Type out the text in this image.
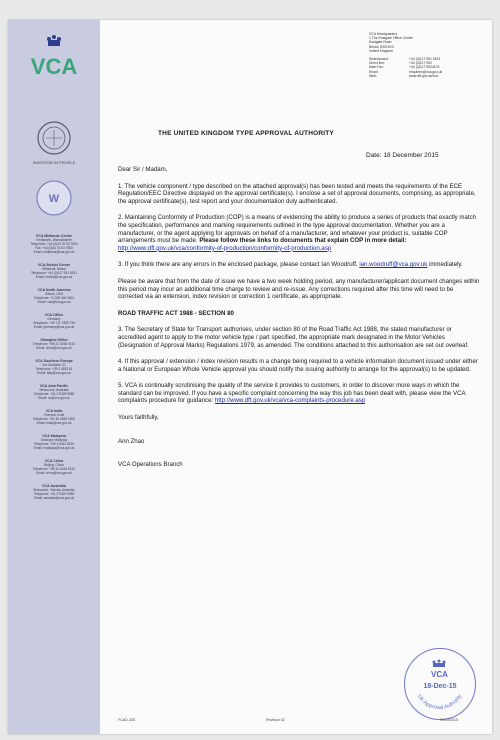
VCA
INVESTOR IN PEOPLE
W
VCA Midlands Centre
Kenilworth, Warwickshire
Telephone: +44 (0)24 76 53 7553
Fax: +44 (0)24 76 53 7553
Email: midlands@vca.gov.uk
VCA Bristol Centre
Whitehall, Bristol
Telephone: +44 (0)117 951 5151
Email: bristol@vca.gov.uk
VCA North America
Detroit, USA
Telephone: +1 248 446 4841
Email: usa@vca.gov.uk
VCA Office
Germany
Telephone: +49 711 7898 790
Email: germany@vca.gov.uk
Shanghai Office
Telephone: +86 21 6236 5151
Email: china@vca.gov.uk
VCA Southern Europe
Via Garibaldi, 27
Telephone: +39 3 4533 61
Email: italy@vca.gov.uk
VCA Asia Pacific
Melbourne, Australia
Telephone: +61 3 9329 9580
Email: au@vca.gov.uk
VCA India
Chennai, India
Telephone: +91 44 4550 0000
Email: india@vca.gov.uk
VCA Malaysia
Selangor Malaysia
Telephone: +60 3 6412 5151
Email: malaysia@vca.gov.uk
VCA China
Beijing, China
Telephone: +86 10 6416 5151
Email: china@vca.gov.uk
VCA Australia
Brunswick, Victoria, Australia
Telephone: +61 3 9329 9580
Email: australia@vca.gov.uk
VCA Headquarters
1 The Eastgate Office Centre
Eastgate Road
Bristol, BS5 6XX
United Kingdom
Switchboard:	+44 (0)117 951 5151
Direct line:	+44 (0)117 952
Main Fax:	+44 (0)117 9524103
Email:	enquiries@vca.gov.uk
Web:	www.dft.gov.uk/vca
THE UNITED KINGDOM TYPE APPROVAL AUTHORITY
Date: 18 December 2015

Dear Sir / Madam,

1. The vehicle component / type described on the attached approval(s) has been tested and meets the requirements of the ECE Regulation/EEC Directive displayed on the approval certificate(s). I enclose a set of approval documents, comprising, as appropriate, the approval certificate(s), test report and your documentation duly authenticated.

2. Maintaining Conformity of Production (COP) is a means of evidencing the ability to produce a series of products that exactly match the specification, performance and marking requirements outlined in the type approval documentation. Whether you are a manufacturer, or the agent applying for approvals on behalf of a manufacturer, and whatever your product is, suitable COP arrangements must be made. Please follow these links to documents that explain COP in more detail: http://www.dft.gov.uk/vca/conformity-of-production/conformity-of-production.asp

3. If you think there are any errors in the enclosed package, please contact Ian Woodruff, ian.woodruff@vca.gov.uk immediately.

Please be aware that from the date of issue we have a two week holding period, any manufacturer/applicant document changes within this period may incur an additional time charge to review and re-issue. Any corrections required after this time will need to be corrected via an extension, index revision or correction 1 certificate, as appropriate.

ROAD TRAFFIC ACT 1988 - SECTION 80

3. The Secretary of State for Transport authorises, under section 80 of the Road Traffic Act 1988, the stated manufacturer or accredited agent to apply to the motor vehicle type / part specified, the appropriate mark designated in the Motor Vehicles (Designation of Approval Marks) Regulations 1979, as amended. The conditions attached to this authorisation are set out overleaf.

4. If this approval / extension / index revision results in a change being required to a vehicle information document issued under either a National or European Whole Vehicle approval you should notify the issuing authority to arrange for the approval(s) to be updated.

5. VCA is continually scrutinising the quality of the service it provides to customers, in order to discover more ways in which the standard can be improved. If you have a specific complaint concerning the way this job has been dealt with, please view the VCA complaints procedure for guidance: http://www.dft.gov.uk/vca/vca-complaints-procedure.asp

Yours faithfully,

Ann Zhao

VCA Operations Branch

UK Approval Authority
VCA
18-Dec-15
FCAD-335	Revision 02	31/03/2015
